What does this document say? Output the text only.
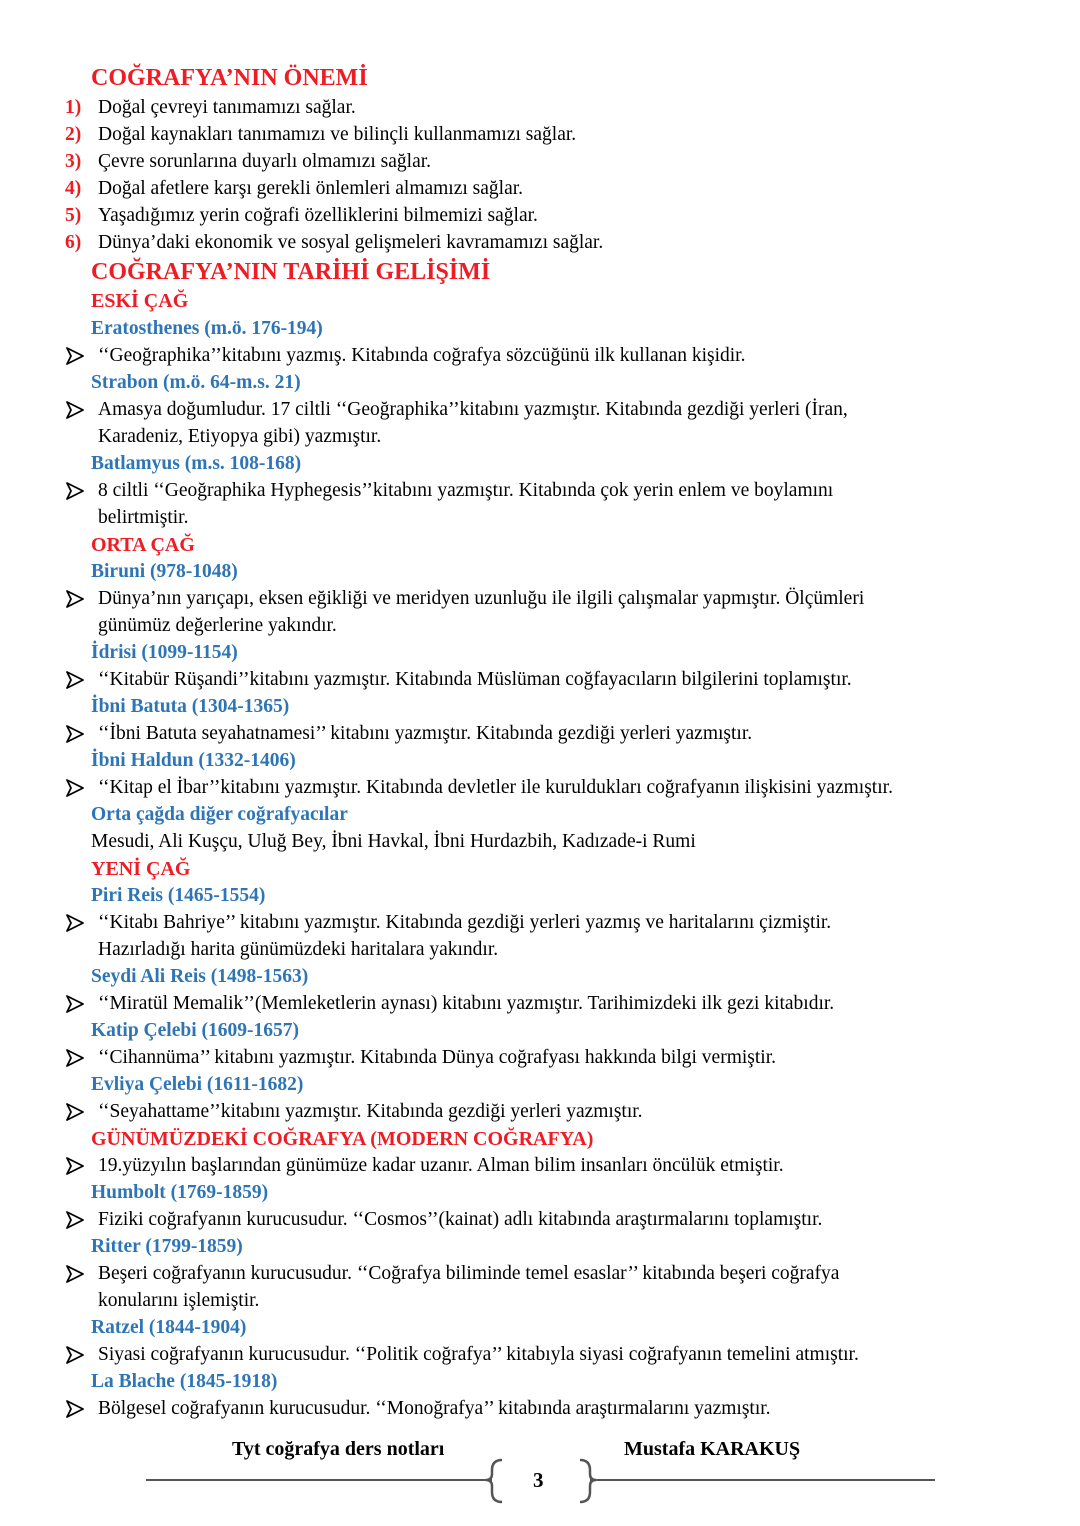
COĞRAFYA’NIN ÖNEMİ
1) Doğal çevreyi tanımamızı sağlar.
2) Doğal kaynakları tanımamızı ve bilinçli kullanmamızı sağlar.
3) Çevre sorunlarına duyarlı olmamızı sağlar.
4) Doğal afetlere karşı gerekli önlemleri almamızı sağlar.
5) Yaşadığımız yerin coğrafi özelliklerini bilmemizi sağlar.
6) Dünya’daki ekonomik ve sosyal gelişmeleri kavramamızı sağlar.
COĞRAFYA’NIN TARİHİ GELİŞİMİ
ESKİ ÇAĞ
Eratosthenes (m.ö. 176-194)
‘‘Geoğraphika’’kitabını yazmış. Kitabında coğrafya sözcüğünü ilk kullanan kişidir.
Strabon (m.ö. 64-m.s. 21)
Amasya doğumludur. 17 ciltli ‘‘Geoğraphika’’kitabını yazmıştır. Kitabında gezdiği yerleri (İran,
Karadeniz, Etiyopya gibi) yazmıştır.
Batlamyus (m.s. 108-168)
8 ciltli ‘‘Geoğraphika Hyphegesis’’kitabını yazmıştır. Kitabında çok yerin enlem ve boylamını
belirtmiştir.
ORTA ÇAĞ
Biruni (978-1048)
Dünya’nın yarıçapı, eksen eğikliği ve meridyen uzunluğu ile ilgili çalışmalar yapmıştır. Ölçümleri
günümüz değerlerine yakındır.
İdrisi (1099-1154)
‘‘Kitabür Rüşandi’’kitabını yazmıştır. Kitabında Müslüman coğfayacıların bilgilerini toplamıştır.
İbni Batuta (1304-1365)
‘‘İbni Batuta seyahatnamesi’’ kitabını yazmıştır. Kitabında gezdiği yerleri yazmıştır.
İbni Haldun (1332-1406)
‘‘Kitap el İbar’’kitabını yazmıştır. Kitabında devletler ile kuruldukları coğrafyanın ilişkisini yazmıştır.
Orta çağda diğer coğrafyacılar
Mesudi, Ali Kuşçu, Uluğ Bey, İbni Havkal, İbni Hurdazbih, Kadızade-i Rumi
YENİ ÇAĞ
Piri Reis (1465-1554)
‘‘Kitabı Bahriye’’ kitabını yazmıştır. Kitabında gezdiği yerleri yazmış ve haritalarını çizmiştir.
Hazırladığı harita günümüzdeki haritalara yakındır.
Seydi Ali Reis (1498-1563)
‘‘Miratül Memalik’’(Memleketlerin aynası) kitabını yazmıştır. Tarihimizdeki ilk gezi kitabıdır.
Katip Çelebi (1609-1657)
‘‘Cihannüma’’ kitabını yazmıştır. Kitabında Dünya coğrafyası hakkında bilgi vermiştir.
Evliya Çelebi (1611-1682)
‘‘Seyahattame’’kitabını yazmıştır. Kitabında gezdiği yerleri yazmıştır.
GÜNÜMÜZDEKİ COĞRAFYA (MODERN COĞRAFYA)
19.yüzyılın başlarından günümüze kadar uzanır. Alman bilim insanları öncülük etmiştir.
Humbolt (1769-1859)
Fiziki coğrafyanın kurucusudur. ‘‘Cosmos’’(kainat) adlı kitabında araştırmalarını toplamıştır.
Ritter (1799-1859)
Beşeri coğrafyanın kurucusudur. ‘‘Coğrafya biliminde temel esaslar’’ kitabında beşeri coğrafya
konularını işlemiştir.
Ratzel (1844-1904)
Siyasi coğrafyanın kurucusudur. ‘‘Politik coğrafya’’ kitabıyla siyasi coğrafyanın temelini atmıştır.
La Blache (1845-1918)
Bölgesel coğrafyanın kurucusudur. ‘‘Monoğrafya’’ kitabında araştırmalarını yazmıştır.
Tyt coğrafya ders notları	Mustafa KARAKUŞ
3
